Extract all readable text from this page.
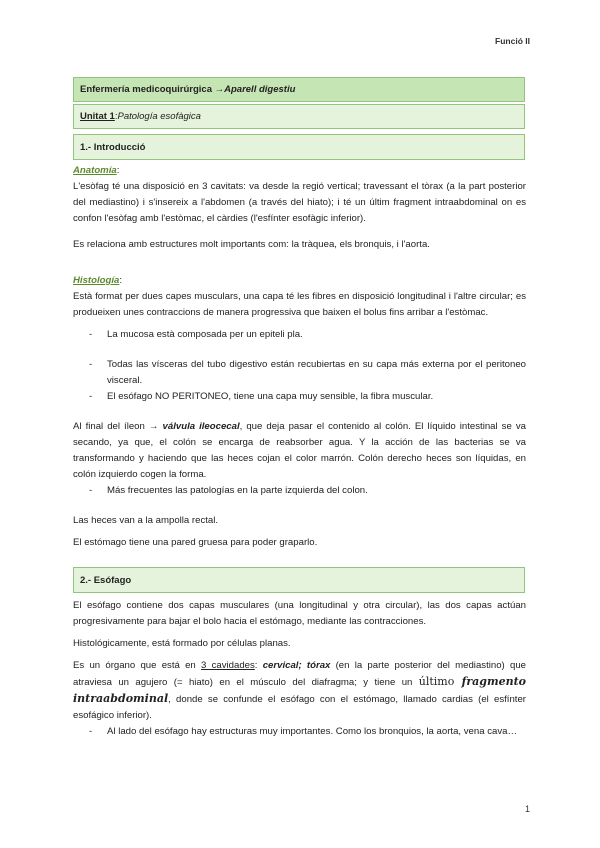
Funció II
Enfermería medicoquirúrgica → Aparell digestiu
Unitat 1 : Patología esofàgica
1.- Introducció

Anatomía:

L'esòfag té una disposició en 3 cavitats: va desde la regió vertical; travessant el tòrax (a la part posterior del mediastino) i s'insereix a l'abdomen (a través del hiato); i té un últim fragment intraabdominal on es confon l'esòfag amb l'estòmac, el càrdies (l'esfínter esofàgic inferior).

Es relaciona amb estructures molt importants com: la tràquea, els bronquis, i l'aorta.

Histología:

Està format per dues capes musculars, una capa té les fibres en disposició longitudinal i l'altre circular; es produeixen unes contraccions de manera progressiva que baixen el bolus fins arribar a l'estòmac.

-	La mucosa està composada per un epiteli pla.
-	Todas las vísceras del tubo digestivo están recubiertas en su capa más externa por el peritoneo visceral.
-	El esófago NO PERITONEO, tiene una capa muy sensible, la fibra muscular.

Al final del íleon → válvula ileocecal, que deja pasar el contenido al colón. El líquido intestinal se va secando, ya que, el colón se encarga de reabsorber agua. Y la acción de las bacterias se va transformando y haciendo que las heces cojan el color marrón. Colón derecho heces son líquidas, en colón izquierdo cogen la forma.

-	Más frecuentes las patologías en la parte izquierda del colon.

Las heces van a la ampolla rectal.

El estómago tiene una pared gruesa para poder graparlo.

2.- Esófago

El esófago contiene dos capas musculares (una longitudinal y otra circular), las dos capas actúan progresivamente para bajar el bolo hacia el estómago, mediante las contracciones.

Histológicamente, está formado por células planas.

Es un órgano que está en 3 cavidades: cervical; tórax (en la parte posterior del mediastino) que atraviesa un agujero (= hiato) en el músculo del diafragma; y tiene un último fragmento intraabdominal, donde se confunde el esófago con el estómago, llamado cardias (el esfínter esofágico inferior).

-	Al lado del esófago hay estructuras muy importantes. Como los bronquios, la aorta, vena cava…
1
